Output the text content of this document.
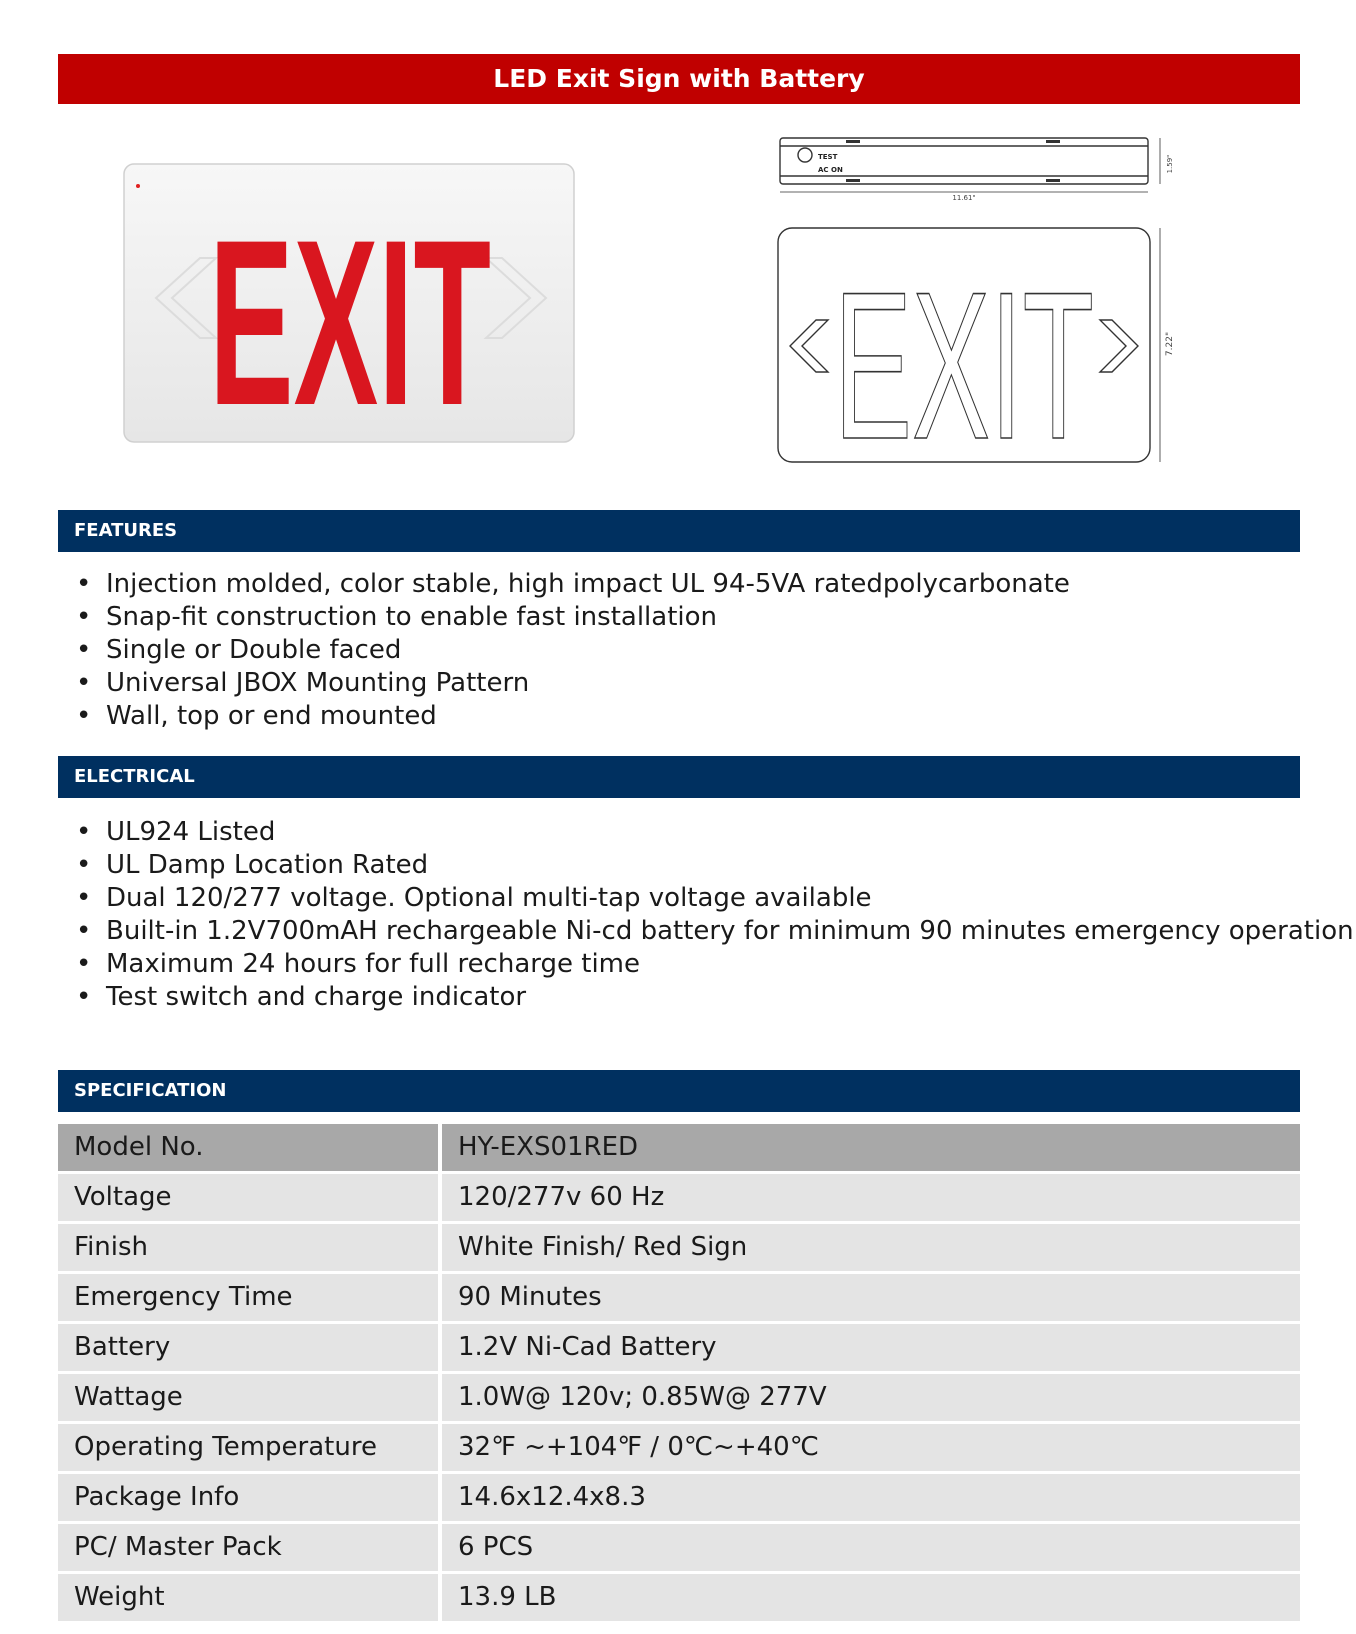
LED Exit Sign with Battery
EXIT
TEST
AC ON
11.61"
1.59"
7.22"
EXIT
FEATURES
• Injection molded, color stable, high impact UL 94-5VA ratedpolycarbonate
• Snap-fit construction to enable fast installation
• Single or Double faced
• Universal JBOX Mounting Pattern
• Wall, top or end mounted
ELECTRICAL
• UL924 Listed
• UL Damp Location Rated
• Dual 120/277 voltage. Optional multi-tap voltage available
• Built-in 1.2V700mAH rechargeable Ni-cd battery for minimum 90 minutes emergency operation
• Maximum 24 hours for full recharge time
• Test switch and charge indicator
SPECIFICATION
Model No.	HY-EXS01RED
Voltage	120/277v 60 Hz
Finish	White Finish/ Red Sign
Emergency Time	90 Minutes
Battery	1.2V Ni-Cad Battery
Wattage	1.0W@ 120v; 0.85W@ 277V
Operating Temperature	32℉ ~+104℉ / 0℃~+40℃
Package Info	14.6x12.4x8.3
PC/ Master Pack	6 PCS
Weight	13.9 LB
